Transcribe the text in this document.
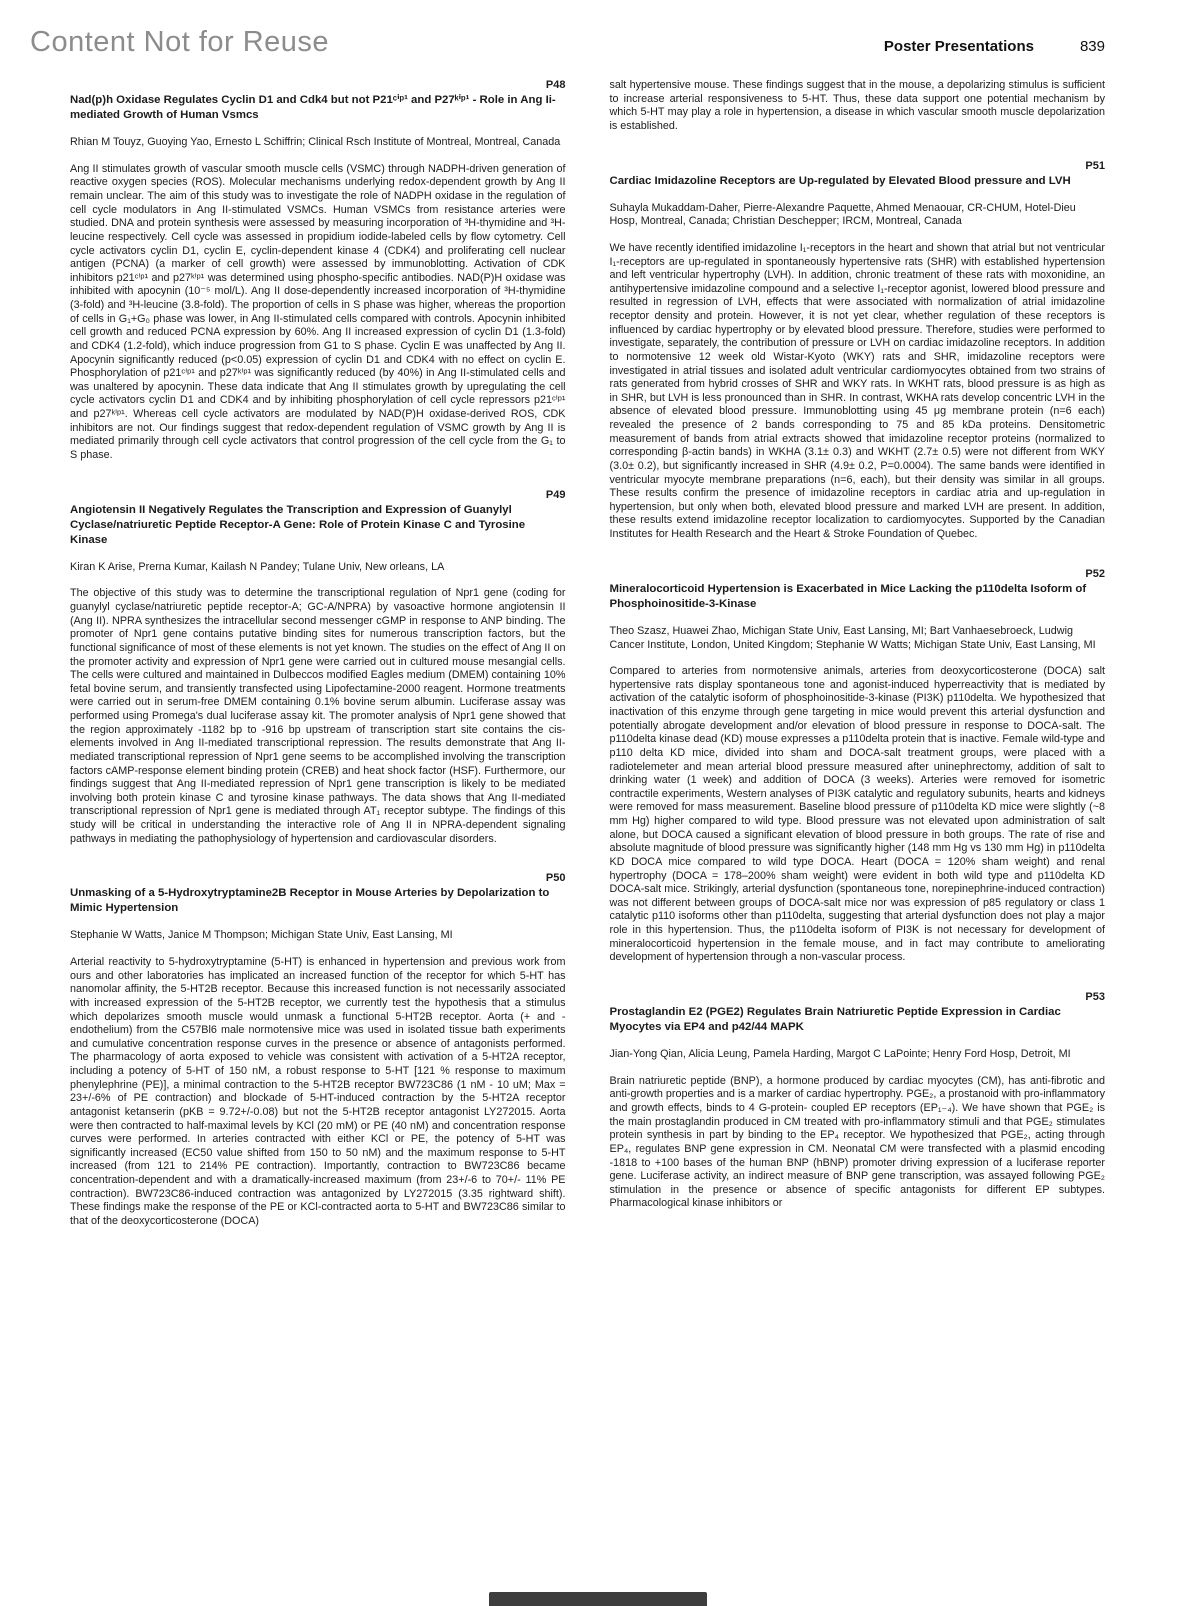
Content Not for Reuse	Poster Presentations	839
P48
Nad(p)h Oxidase Regulates Cyclin D1 and Cdk4 but not P21ᶜⁱᵖ¹ and P27ᵏⁱᵖ¹ - Role in Ang Ii-mediated Growth of Human Vsmcs

Rhian M Touyz, Guoying Yao, Ernesto L Schiffrin; Clinical Rsch Institute of Montreal, Montreal, Canada

Ang II stimulates growth of vascular smooth muscle cells (VSMC) through NADPH-driven generation of reactive oxygen species (ROS). Molecular mechanisms underlying redox-dependent growth by Ang II remain unclear. The aim of this study was to investigate the role of NADPH oxidase in the regulation of cell cycle modulators in Ang II-stimulated VSMCs. Human VSMCs from resistance arteries were studied. DNA and protein synthesis were assessed by measuring incorporation of ³H-thymidine and ³H-leucine respectively. Cell cycle was assessed in propidium iodide-labeled cells by flow cytometry. Cell cycle activators cyclin D1, cyclin E, cyclin-dependent kinase 4 (CDK4) and proliferating cell nuclear antigen (PCNA) (a marker of cell growth) were assessed by immunoblotting. Activation of CDK inhibitors p21ᶜⁱᵖ¹ and p27ᵏⁱᵖ¹ was determined using phospho-specific antibodies. NAD(P)H oxidase was inhibited with apocynin (10⁻⁵ mol/L). Ang II dose-dependently increased incorporation of ³H-thymidine (3-fold) and ³H-leucine (3.8-fold). The proportion of cells in S phase was higher, whereas the proportion of cells in G₁+G₀ phase was lower, in Ang II-stimulated cells compared with controls. Apocynin inhibited cell growth and reduced PCNA expression by 60%. Ang II increased expression of cyclin D1 (1.3-fold) and CDK4 (1.2-fold), which induce progression from G1 to S phase. Cyclin E was unaffected by Ang II. Apocynin significantly reduced (p<0.05) expression of cyclin D1 and CDK4 with no effect on cyclin E. Phosphorylation of p21ᶜⁱᵖ¹ and p27ᵏⁱᵖ¹ was significantly reduced (by 40%) in Ang II-stimulated cells and was unaltered by apocynin. These data indicate that Ang II stimulates growth by upregulating the cell cycle activators cyclin D1 and CDK4 and by inhibiting phosphorylation of cell cycle repressors p21ᶜⁱᵖ¹ and p27ᵏⁱᵖ¹. Whereas cell cycle activators are modulated by NAD(P)H oxidase-derived ROS, CDK inhibitors are not. Our findings suggest that redox-dependent regulation of VSMC growth by Ang II is mediated primarily through cell cycle activators that control progression of the cell cycle from the G₁ to S phase.

P49
Angiotensin II Negatively Regulates the Transcription and Expression of Guanylyl Cyclase/natriuretic Peptide Receptor-A Gene: Role of Protein Kinase C and Tyrosine Kinase

Kiran K Arise, Prerna Kumar, Kailash N Pandey; Tulane Univ, New orleans, LA

The objective of this study was to determine the transcriptional regulation of Npr1 gene (coding for guanylyl cyclase/natriuretic peptide receptor-A; GC-A/NPRA) by vasoactive hormone angiotensin II (Ang II). NPRA synthesizes the intracellular second messenger cGMP in response to ANP binding. The promoter of Npr1 gene contains putative binding sites for numerous transcription factors, but the functional significance of most of these elements is not yet known. The studies on the effect of Ang II on the promoter activity and expression of Npr1 gene were carried out in cultured mouse mesangial cells. The cells were cultured and maintained in Dulbeccos modified Eagles medium (DMEM) containing 10% fetal bovine serum, and transiently transfected using Lipofectamine-2000 reagent. Hormone treatments were carried out in serum-free DMEM containing 0.1% bovine serum albumin. Luciferase assay was performed using Promega's dual luciferase assay kit. The promoter analysis of Npr1 gene showed that the region approximately -1182 bp to -916 bp upstream of transcription start site contains the cis-elements involved in Ang II-mediated transcriptional repression. The results demonstrate that Ang II-mediated transcriptional repression of Npr1 gene seems to be accomplished involving the transcription factors cAMP-response element binding protein (CREB) and heat shock factor (HSF). Furthermore, our findings suggest that Ang II-mediated repression of Npr1 gene transcription is likely to be mediated involving both protein kinase C and tyrosine kinase pathways. The data shows that Ang II-mediated transcriptional repression of Npr1 gene is mediated through AT₁ receptor subtype. The findings of this study will be critical in understanding the interactive role of Ang II in NPRA-dependent signaling pathways in mediating the pathophysiology of hypertension and cardiovascular disorders.

P50
Unmasking of a 5-Hydroxytryptamine2B Receptor in Mouse Arteries by Depolarization to Mimic Hypertension

Stephanie W Watts, Janice M Thompson; Michigan State Univ, East Lansing, MI

Arterial reactivity to 5-hydroxytryptamine (5-HT) is enhanced in hypertension and previous work from ours and other laboratories has implicated an increased function of the receptor for which 5-HT has nanomolar affinity, the 5-HT2B receptor. Because this increased function is not necessarily associated with increased expression of the 5-HT2B receptor, we currently test the hypothesis that a stimulus which depolarizes smooth muscle would unmask a functional 5-HT2B receptor. Aorta (+ and - endothelium) from the C57Bl6 male normotensive mice was used in isolated tissue bath experiments and cumulative concentration response curves in the presence or absence of antagonists performed. The pharmacology of aorta exposed to vehicle was consistent with activation of a 5-HT2A receptor, including a potency of 5-HT of 150 nM, a robust response to 5-HT [121 % response to maximum phenylephrine (PE)], a minimal contraction to the 5-HT2B receptor BW723C86 (1 nM - 10 uM; Max = 23+/-6% of PE contraction) and blockade of 5-HT-induced contraction by the 5-HT2A receptor antagonist ketanserin (pKB = 9.72+/-0.08) but not the 5-HT2B receptor antagonist LY272015. Aorta were then contracted to half-maximal levels by KCl (20 mM) or PE (40 nM) and concentration response curves were performed. In arteries contracted with either KCl or PE, the potency of 5-HT was significantly increased (EC50 value shifted from 150 to 50 nM) and the maximum response to 5-HT increased (from 121 to 214% PE contraction). Importantly, contraction to BW723C86 became concentration-dependent and with a dramatically-increased maximum (from 23+/-6 to 70+/- 11% PE contraction). BW723C86-induced contraction was antagonized by LY272015 (3.35 rightward shift). These findings make the response of the PE or KCl-contracted aorta to 5-HT and BW723C86 similar to that of the deoxycorticosterone (DOCA)

salt hypertensive mouse. These findings suggest that in the mouse, a depolarizing stimulus is sufficient to increase arterial responsiveness to 5-HT. Thus, these data support one potential mechanism by which 5-HT may play a role in hypertension, a disease in which vascular smooth muscle depolarization is established.

P51
Cardiac Imidazoline Receptors are Up-regulated by Elevated Blood pressure and LVH

Suhayla Mukaddam-Daher, Pierre-Alexandre Paquette, Ahmed Menaouar, CR-CHUM, Hotel-Dieu Hosp, Montreal, Canada; Christian Deschepper; IRCM, Montreal, Canada

We have recently identified imidazoline I₁-receptors in the heart and shown that atrial but not ventricular I₁-receptors are up-regulated in spontaneously hypertensive rats (SHR) with established hypertension and left ventricular hypertrophy (LVH). In addition, chronic treatment of these rats with moxonidine, an antihypertensive imidazoline compound and a selective I₁-receptor agonist, lowered blood pressure and resulted in regression of LVH, effects that were associated with normalization of atrial imidazoline receptor density and protein. However, it is not yet clear, whether regulation of these receptors is influenced by cardiac hypertrophy or by elevated blood pressure. Therefore, studies were performed to investigate, separately, the contribution of pressure or LVH on cardiac imidazoline receptors. In addition to normotensive 12 week old Wistar-Kyoto (WKY) rats and SHR, imidazoline receptors were investigated in atrial tissues and isolated adult ventricular cardiomyocytes obtained from two strains of rats generated from hybrid crosses of SHR and WKY rats. In WKHT rats, blood pressure is as high as in SHR, but LVH is less pronounced than in SHR. In contrast, WKHA rats develop concentric LVH in the absence of elevated blood pressure. Immunoblotting using 45 μg membrane protein (n=6 each) revealed the presence of 2 bands corresponding to 75 and 85 kDa proteins. Densitometric measurement of bands from atrial extracts showed that imidazoline receptor proteins (normalized to corresponding β-actin bands) in WKHA (3.1± 0.3) and WKHT (2.7± 0.5) were not different from WKY (3.0± 0.2), but significantly increased in SHR (4.9± 0.2, P=0.0004). The same bands were identified in ventricular myocyte membrane preparations (n=6, each), but their density was similar in all groups. These results confirm the presence of imidazoline receptors in cardiac atria and up-regulation in hypertension, but only when both, elevated blood pressure and marked LVH are present. In addition, these results extend imidazoline receptor localization to cardiomyocytes. Supported by the Canadian Institutes for Health Research and the Heart & Stroke Foundation of Quebec.

P52
Mineralocorticoid Hypertension is Exacerbated in Mice Lacking the p110delta Isoform of Phosphoinositide-3-Kinase

Theo Szasz, Huawei Zhao, Michigan State Univ, East Lansing, MI; Bart Vanhaesebroeck, Ludwig Cancer Institute, London, United Kingdom; Stephanie W Watts; Michigan State Univ, East Lansing, MI

Compared to arteries from normotensive animals, arteries from deoxycorticosterone (DOCA) salt hypertensive rats display spontaneous tone and agonist-induced hyperreactivity that is mediated by activation of the catalytic isoform of phosphoinositide-3-kinase (PI3K) p110delta. We hypothesized that inactivation of this enzyme through gene targeting in mice would prevent this arterial dysfunction and potentially abrogate development and/or elevation of blood pressure in response to DOCA-salt. The p110delta kinase dead (KD) mouse expresses a p110delta protein that is inactive. Female wild-type and p110 delta KD mice, divided into sham and DOCA-salt treatment groups, were placed with a radiotelemeter and mean arterial blood pressure measured after uninephrectomy, addition of salt to drinking water (1 week) and addition of DOCA (3 weeks). Arteries were removed for isometric contractile experiments, Western analyses of PI3K catalytic and regulatory subunits, hearts and kidneys were removed for mass measurement. Baseline blood pressure of p110delta KD mice were slightly (~8 mm Hg) higher compared to wild type. Blood pressure was not elevated upon administration of salt alone, but DOCA caused a significant elevation of blood pressure in both groups. The rate of rise and absolute magnitude of blood pressure was significantly higher (148 mm Hg vs 130 mm Hg) in p110delta KD DOCA mice compared to wild type DOCA. Heart (DOCA = 120% sham weight) and renal hypertrophy (DOCA = 178–200% sham weight) were evident in both wild type and p110delta KD DOCA-salt mice. Strikingly, arterial dysfunction (spontaneous tone, norepinephrine-induced contraction) was not different between groups of DOCA-salt mice nor was expression of p85 regulatory or class 1 catalytic p110 isoforms other than p110delta, suggesting that arterial dysfunction does not play a major role in this hypertension. Thus, the p110delta isoform of PI3K is not necessary for development of mineralocorticoid hypertension in the female mouse, and in fact may contribute to ameliorating development of hypertension through a non-vascular process.

P53
Prostaglandin E2 (PGE2) Regulates Brain Natriuretic Peptide Expression in Cardiac Myocytes via EP4 and p42/44 MAPK

Jian-Yong Qian, Alicia Leung, Pamela Harding, Margot C LaPointe; Henry Ford Hosp, Detroit, MI

Brain natriuretic peptide (BNP), a hormone produced by cardiac myocytes (CM), has anti-fibrotic and anti-growth properties and is a marker of cardiac hypertrophy. PGE₂, a prostanoid with pro-inflammatory and growth effects, binds to 4 G-protein- coupled EP receptors (EP₁₋₄). We have shown that PGE₂ is the main prostaglandin produced in CM treated with pro-inflammatory stimuli and that PGE₂ stimulates protein synthesis in part by binding to the EP₄ receptor. We hypothesized that PGE₂, acting through EP₄, regulates BNP gene expression in CM. Neonatal CM were transfected with a plasmid encoding -1818 to +100 bases of the human BNP (hBNP) promoter driving expression of a luciferase reporter gene. Luciferase activity, an indirect measure of BNP gene transcription, was assayed following PGE₂ stimulation in the presence or absence of specific antagonists for different EP subtypes. Pharmacological kinase inhibitors or
